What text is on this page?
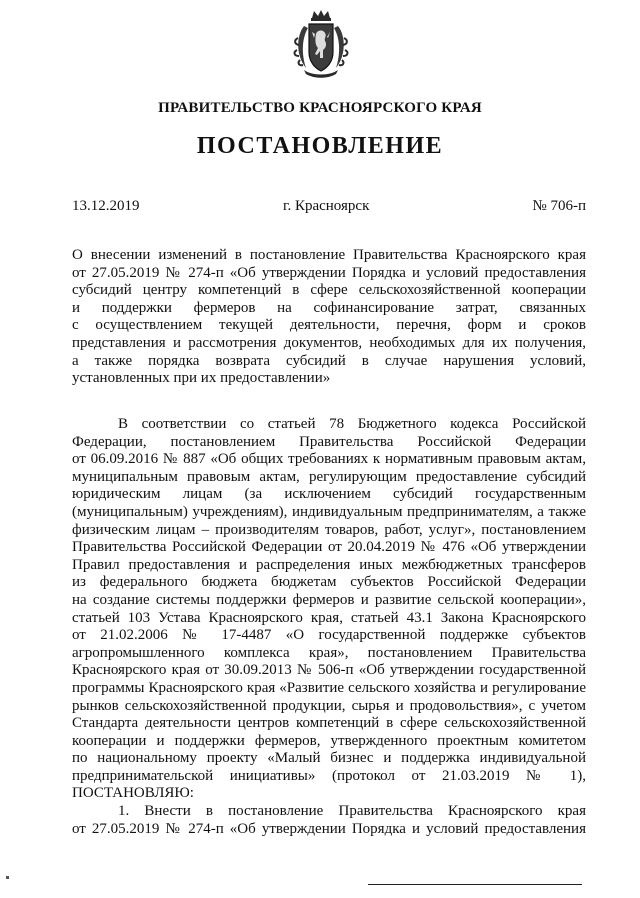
ПРАВИТЕЛЬСТВО КРАСНОЯРСКОГО КРАЯ
ПОСТАНОВЛЕНИЕ
13.12.2019	г. Красноярск	№ 706-п
О внесении изменений в постановление Правительства Красноярского края
от 27.05.2019 № 274-п «Об утверждении Порядка и условий предоставления
субсидий центру компетенций в сфере сельскохозяйственной кооперации
и поддержки фермеров на софинансирование затрат, связанных
с осуществлением текущей деятельности, перечня, форм и сроков
представления и рассмотрения документов, необходимых для их получения,
а также порядка возврата субсидий в случае нарушения условий,
установленных при их предоставлении»
В соответствии со статьей 78 Бюджетного кодекса Российской
Федерации, постановлением Правительства Российской Федерации
от 06.09.2016 № 887 «Об общих требованиях к нормативным правовым актам,
муниципальным правовым актам, регулирующим предоставление субсидий
юридическим лицам (за исключением субсидий государственным
(муниципальным) учреждениям), индивидуальным предпринимателям, а также
физическим лицам – производителям товаров, работ, услуг», постановлением
Правительства Российской Федерации от 20.04.2019 № 476 «Об утверждении
Правил предоставления и распределения иных межбюджетных трансферов
из федерального бюджета бюджетам субъектов Российской Федерации
на создание системы поддержки фермеров и развитие сельской кооперации»,
статьей 103 Устава Красноярского края, статьей 43.1 Закона Красноярского
от 21.02.2006 № 17-4487 «О государственной поддержке субъектов
агропромышленного комплекса края», постановлением Правительства
Красноярского края от 30.09.2013 № 506-п «Об утверждении государственной
программы Красноярского края «Развитие сельского хозяйства и регулирование
рынков сельскохозяйственной продукции, сырья и продовольствия», с учетом
Стандарта деятельности центров компетенций в сфере сельскохозяйственной
кооперации и поддержки фермеров, утвержденного проектным комитетом
по национальному проекту «Малый бизнес и поддержка индивидуальной
предпринимательской инициативы» (протокол от 21.03.2019 № 1),
ПОСТАНОВЛЯЮ:
1. Внести в постановление Правительства Красноярского края
от 27.05.2019 № 274-п «Об утверждении Порядка и условий предоставления
